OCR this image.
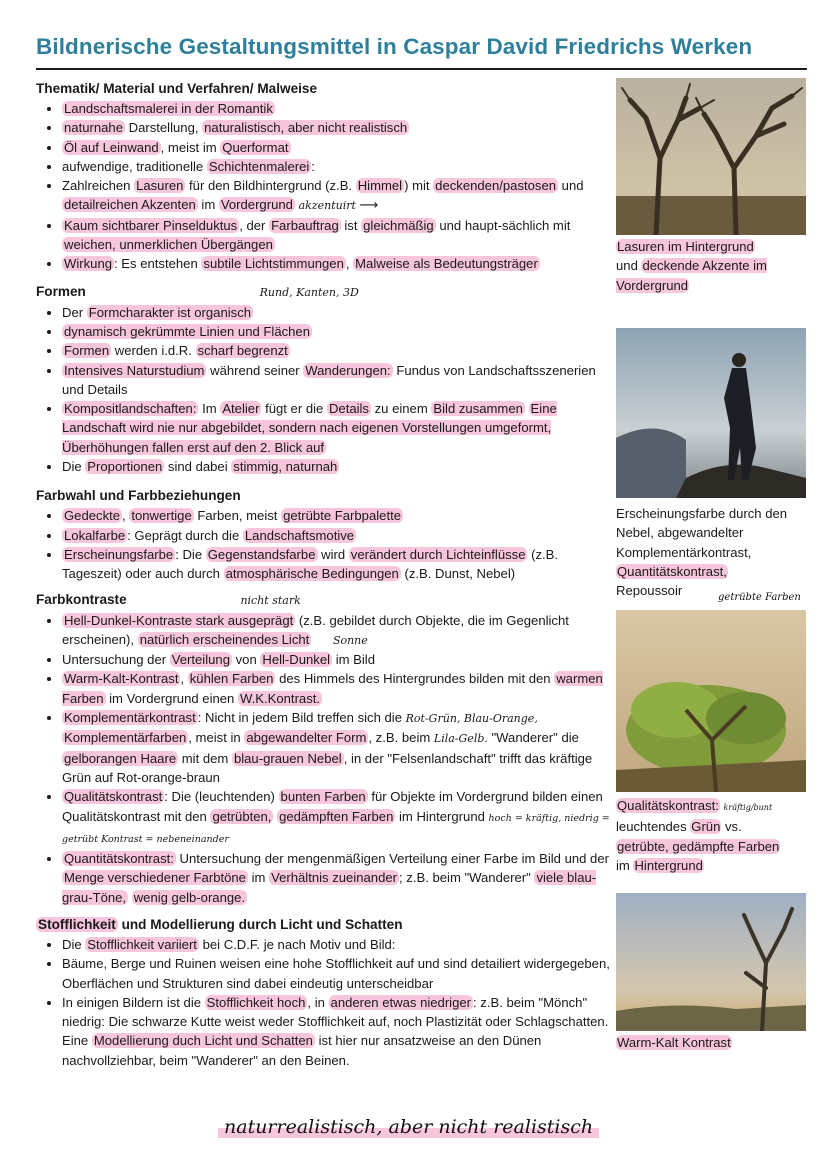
Bildnerische Gestaltungsmittel in Caspar David Friedrichs Werken

Thematik/ Material und Verfahren/ Malweise

• Landschaftsmalerei in der Romantik
• naturnahe Darstellung, naturalistisch, aber nicht realistisch
• Öl auf Leinwand , meist im Querformat
• aufwendige, traditionelle Schichtenmalerei :
• Zahlreichen Lasuren für den Bildhintergrund (z.B. Himmel ) mit deckenden/pastosen und detailreichen Akzenten im Vordergrund akzentuirt ⟶
• Kaum sichtbarer Pinselduktus , der Farbauftrag ist gleichmäßig und haupt-sächlich mit weichen, unmerklichen Übergängen
• Wirkung : Es entstehen subtile Lichtstimmungen , Malweise als Bedeutungsträger

Formen	Rund, Kanten, 3D

• Der Formcharakter ist organisch
• dynamisch gekrümmte Linien und Flächen
• Formen werden i.d.R. scharf begrenzt
• Intensives Naturstudium während seiner Wanderungen: Fundus von Landschaftsszenerien und Details
• Kompositlandschaften: Im Atelier fügt er die Details zu einem Bild zusammen Eine Landschaft wird nie nur abgebildet, sondern nach eigenen Vorstellungen umgeformt, Überhöhungen fallen erst auf den 2. Blick auf
• Die Proportionen sind dabei stimmig, naturnah

Farbwahl und Farbbeziehungen

• Gedeckte , tonwertige Farben, meist getrübte Farbpalette
• Lokalfarbe : Geprägt durch die Landschaftsmotive
• Erscheinungsfarbe : Die Gegenstandsfarbe wird verändert durch Lichteinflüsse (z.B. Tageszeit) oder auch durch atmosphärische Bedingungen (z.B. Dunst, Nebel)

Farbkontraste	nicht stark

• Hell-Dunkel-Kontraste stark ausgeprägt (z.B. gebildet durch Objekte, die im Gegenlicht erscheinen), natürlich erscheinendes Licht Sonne
• Untersuchung der Verteilung von Hell-Dunkel im Bild
• Warm-Kalt-Kontrast , kühlen Farben des Himmels des Hintergrundes bilden mit den warmen Farben im Vordergrund einen W.K.Kontrast.
• Komplementärkontrast : Nicht in jedem Bild treffen sich die Rot-Grün, Blau-Orange, Komplementärfarben , meist in abgewandelter Form , z.B. beim Lila-Gelb. "Wanderer" die gelborangen Haare mit dem blau-grauen Nebel , in der "Felsenlandschaft" trifft das kräftige Grün auf Rot-orange-braun
• Qualitätskontrast : Die (leuchtenden) bunten Farben für Objekte im Vordergrund bilden einen Qualitätskontrast mit den getrübten, gedämpften Farben im Hintergrund hoch = kräftig, niedrig = getrübt Kontrast = nebeneinander
• Quantitätskontrast: Untersuchung der mengenmäßigen Verteilung einer Farbe im Bild und der Menge verschiedener Farbtöne im Verhältnis zueinander ; z.B. beim "Wanderer" viele blau-grau-Töne, wenig gelb-orange.

Stofflichkeit und Modellierung durch Licht und Schatten

• Die Stofflichkeit variiert bei C.D.F. je nach Motiv und Bild:
• Bäume, Berge und Ruinen weisen eine hohe Stofflichkeit auf und sind detailiert widergegeben, Oberflächen und Strukturen sind dabei eindeutig unterscheidbar
• In einigen Bildern ist die Stofflichkeit hoch , in anderen etwas niedriger : z.B. beim "Mönch" niedrig: Die schwarze Kutte weist weder Stofflichkeit auf, noch Plastizität oder Schlagschatten. Eine Modellierung duch Licht und Schatten ist hier nur ansatzweise an den Dünen nachvollziehbar, beim "Wanderer" an den Beinen.
Lasuren im Hintergrund
und deckende Akzente im Vordergrund
Erscheinungsfarbe durch den Nebel, abgewandelter Komplementärkontrast,
Quantitätskontrast,
Repoussoir	getrübte Farben
Qualitätskontrast: kräftig/bunt
leuchtendes Grün vs.
getrübte, gedämpfte Farben
im Hintergrund
Warm-Kalt Kontrast
naturrealistisch, aber nicht realistisch
